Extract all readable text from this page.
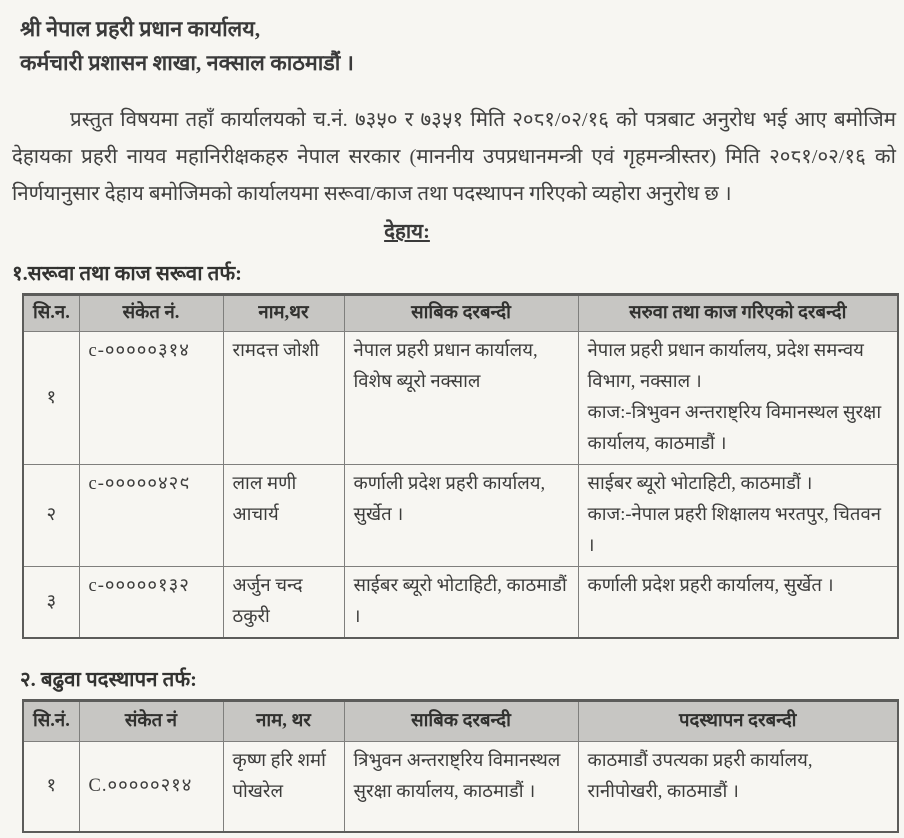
श्री नेपाल प्रहरी प्रधान कार्यालय,
कर्मचारी प्रशासन शाखा, नक्साल काठमाडौं ।

प्रस्तुत विषयमा तहाँ कार्यालयको च.नं. ७३५० र ७३५१ मिति २०८१/०२/१६ को पत्रबाट अनुरोध भई आए बमोजिम देहायका प्रहरी नायव महानिरीक्षकहरु नेपाल सरकार (माननीय उपप्रधानमन्त्री एवं गृहमन्त्रीस्तर) मिति २०८१/०२/१६ को निर्णयानुसार देहाय बमोजिमको कार्यालयमा सरूवा/काज तथा पदस्थापन गरिएको व्यहोरा अनुरोध छ ।

देहाय:
१.सरूवा तथा काज सरूवा तर्फ:
सि.न.	संकेत नं.	नाम,थर	साबिक दरबन्दी	सरुवा तथा काज गरिएको दरबन्दी
१	c-०००००३१४	रामदत्त जोशी	नेपाल प्रहरी प्रधान कार्यालय, विशेष ब्यूरो नक्साल	नेपाल प्रहरी प्रधान कार्यालय, प्रदेश समन्वय विभाग, नक्साल ।
काज:-त्रिभुवन अन्तराष्ट्रिय विमानस्थल सुरक्षा कार्यालय, काठमाडौं ।

२	c-०००००४२९	लाल मणी आचार्य	कर्णाली प्रदेश प्रहरी कार्यालय, सुर्खेत ।	साईबर ब्यूरो भोटाहिटी, काठमाडौं ।
काज:-नेपाल प्रहरी शिक्षालय भरतपुर, चितवन ।

३	c-०००००१३२	अर्जुन चन्द ठकुरी	साईबर ब्यूरो भोटाहिटी, काठमाडौं ।	कर्णाली प्रदेश प्रहरी कार्यालय, सुर्खेत ।
२. बढुवा पदस्थापन तर्फ:
सि.नं.	संकेत नं	नाम, थर	साबिक दरबन्दी	पदस्थापन दरबन्दी
१	C.०००००२१४	कृष्ण हरि शर्मा पोखरेल	त्रिभुवन अन्तराष्ट्रिय विमानस्थल सुरक्षा कार्यालय, काठमाडौं ।	काठमाडौं उपत्यका प्रहरी कार्यालय, रानीपोखरी, काठमाडौं ।
